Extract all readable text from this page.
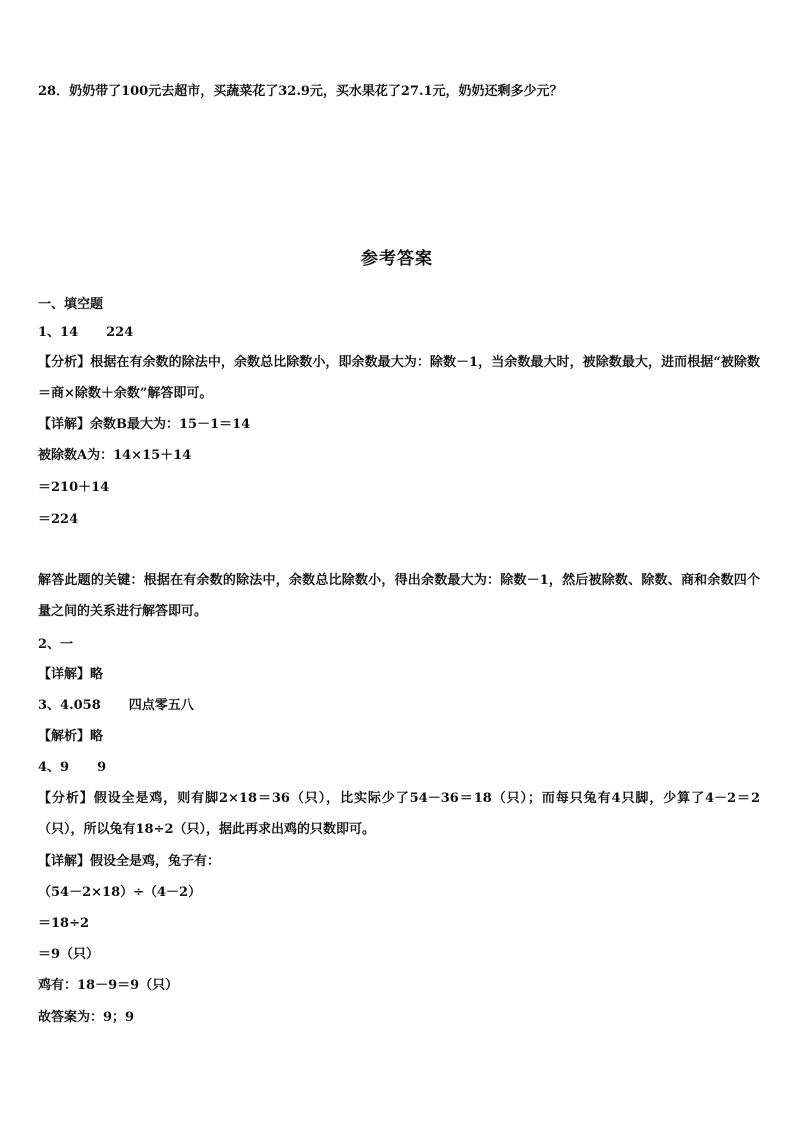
28．奶奶带了100元去超市，买蔬菜花了32.9元，买水果花了27.1元，奶奶还剩多少元？
参考答案
一、填空题
1、14 224
【分析】根据在有余数的除法中，余数总比除数小，即余数最大为：除数－1，当余数最大时，被除数最大，进而根据“被除数＝商×除数＋余数”解答即可。
【详解】余数B最大为：15－1＝14
被除数A为：14×15＋14
＝210＋14
＝224
解答此题的关键：根据在有余数的除法中，余数总比除数小，得出余数最大为：除数－1，然后被除数、除数、商和余数四个量之间的关系进行解答即可。
2、一
【详解】略
3、4.058 四点零五八
【解析】略
4、9 9
【分析】假设全是鸡，则有脚2×18＝36（只），比实际少了54－36＝18（只）；而每只兔有4只脚，少算了4－2＝2（只），所以兔有18÷2（只），据此再求出鸡的只数即可。
【详解】假设全是鸡，兔子有：
（54－2×18）÷（4－2）
＝18÷2
＝9（只）
鸡有：18－9＝9（只）
故答案为：9；9
